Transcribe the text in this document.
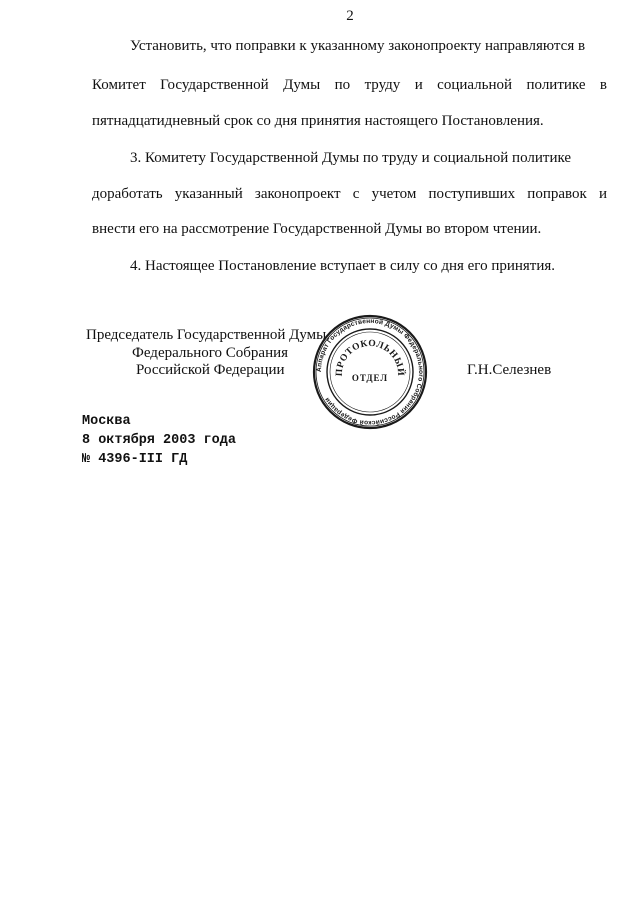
2
Установить, что поправки к указанному законопроекту направляются в
Комитет Государственной Думы по труду и социальной политике в
пятнадцатидневный срок со дня принятия настоящего Постановления.
3. Комитету Государственной Думы по труду и социальной политике
доработать указанный законопроект с учетом поступивших поправок и
внести его на рассмотрение Государственной Думы во втором чтении.
4. Настоящее Постановление вступает в силу со дня его принятия.
Председатель Государственной Думы
Федерального Собрания
Российской Федерации	Г.Н.Селезнев
Аппарат Государственной Думы Федерального Собрания Российской Федерации
ПРОТОКОЛЬНЫЙ
ОТДЕЛ
Москва
8 октября 2003 года
№ 4396-III ГД
